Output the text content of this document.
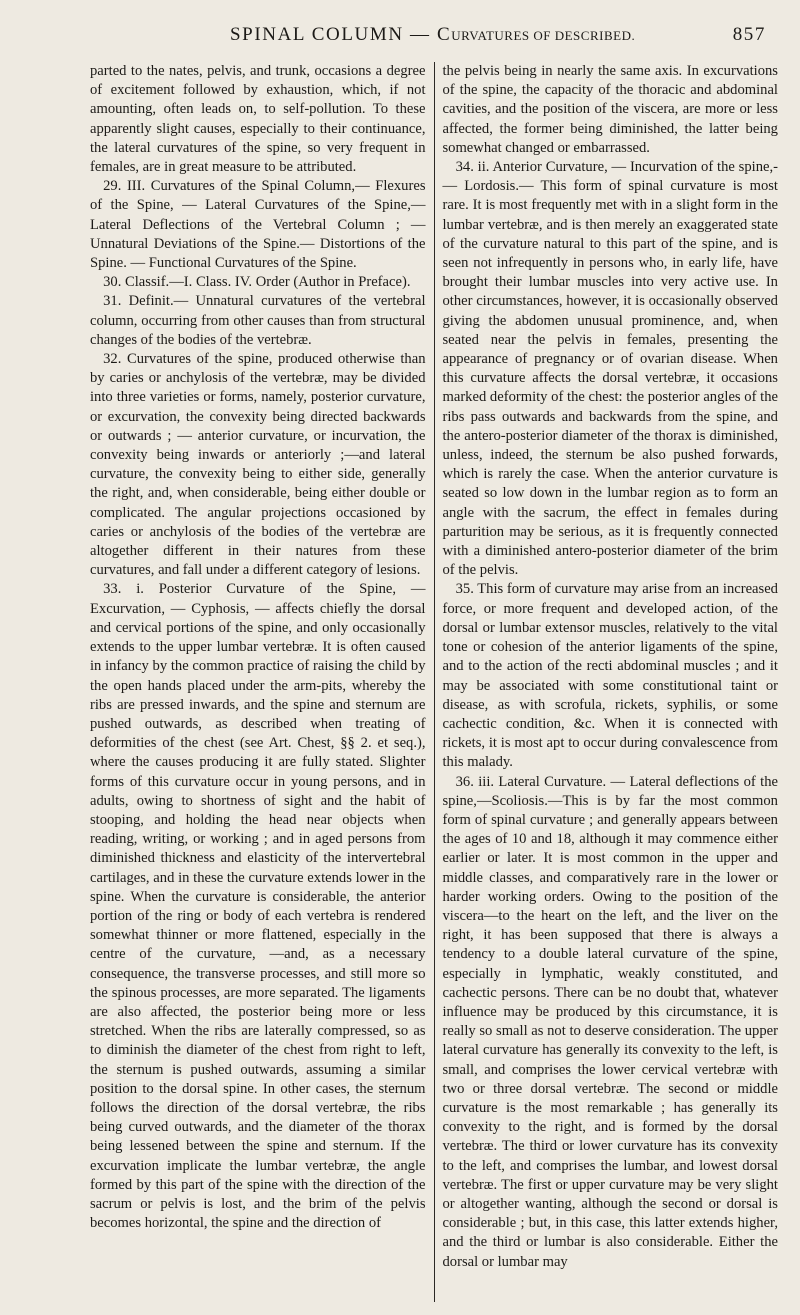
SPINAL COLUMN — CURVATURES OF DESCRIBED.	857

parted to the nates, pelvis, and trunk, occasions a degree of excitement followed by exhaustion, which, if not amounting, often leads on, to self-pollution. To these apparently slight causes, especially to their continuance, the lateral curvatures of the spine, so very frequent in females, are in great measure to be attributed.

29. III. Curvatures of the Spinal Column,— Flexures of the Spine, — Lateral Curvatures of the Spine,—Lateral Deflections of the Vertebral Column ; — Unnatural Deviations of the Spine.— Distortions of the Spine. — Functional Curvatures of the Spine.

30. Classif.—I. Class. IV. Order (Author in Preface).

31. Definit.— Unnatural curvatures of the vertebral column, occurring from other causes than from structural changes of the bodies of the vertebræ.

32. Curvatures of the spine, produced otherwise than by caries or anchylosis of the vertebræ, may be divided into three varieties or forms, namely, posterior curvature, or excurvation, the convexity being directed backwards or outwards ; — anterior curvature, or incurvation, the convexity being inwards or anteriorly ;—and lateral curvature, the convexity being to either side, generally the right, and, when considerable, being either double or complicated. The angular projections occasioned by caries or anchylosis of the bodies of the vertebræ are altogether different in their natures from these curvatures, and fall under a different category of lesions.

33. i. Posterior Curvature of the Spine, — Excurvation, — Cyphosis, — affects chiefly the dorsal and cervical portions of the spine, and only occasionally extends to the upper lumbar vertebræ. It is often caused in infancy by the common practice of raising the child by the open hands placed under the arm-pits, whereby the ribs are pressed inwards, and the spine and sternum are pushed outwards, as described when treating of deformities of the chest (see Art. Chest, §§ 2. et seq.), where the causes producing it are fully stated. Slighter forms of this curvature occur in young persons, and in adults, owing to shortness of sight and the habit of stooping, and holding the head near objects when reading, writing, or working ; and in aged persons from diminished thickness and elasticity of the intervertebral cartilages, and in these the curvature extends lower in the spine. When the curvature is considerable, the anterior portion of the ring or body of each vertebra is rendered somewhat thinner or more flattened, especially in the centre of the curvature, —and, as a necessary consequence, the transverse processes, and still more so the spinous processes, are more separated. The ligaments are also affected, the posterior being more or less stretched. When the ribs are laterally compressed, so as to diminish the diameter of the chest from right to left, the sternum is pushed outwards, assuming a similar position to the dorsal spine. In other cases, the sternum follows the direction of the dorsal vertebræ, the ribs being curved outwards, and the diameter of the thorax being lessened between the spine and sternum. If the excurvation implicate the lumbar vertebræ, the angle formed by this part of the spine with the direction of the sacrum or pelvis is lost, and the brim of the pelvis becomes horizontal, the spine and the direction of

the pelvis being in nearly the same axis. In excurvations of the spine, the capacity of the thoracic and abdominal cavities, and the position of the viscera, are more or less affected, the former being diminished, the latter being somewhat changed or embarrassed.

34. ii. Anterior Curvature, — Incurvation of the spine,-— Lordosis.— This form of spinal curvature is most rare. It is most frequently met with in a slight form in the lumbar vertebræ, and is then merely an exaggerated state of the curvature natural to this part of the spine, and is seen not infrequently in persons who, in early life, have brought their lumbar muscles into very active use. In other circumstances, however, it is occasionally observed giving the abdomen unusual prominence, and, when seated near the pelvis in females, presenting the appearance of pregnancy or of ovarian disease. When this curvature affects the dorsal vertebræ, it occasions marked deformity of the chest: the posterior angles of the ribs pass outwards and backwards from the spine, and the antero-posterior diameter of the thorax is diminished, unless, indeed, the sternum be also pushed forwards, which is rarely the case. When the anterior curvature is seated so low down in the lumbar region as to form an angle with the sacrum, the effect in females during parturition may be serious, as it is frequently connected with a diminished antero-posterior diameter of the brim of the pelvis.

35. This form of curvature may arise from an increased force, or more frequent and developed action, of the dorsal or lumbar extensor muscles, relatively to the vital tone or cohesion of the anterior ligaments of the spine, and to the action of the recti abdominal muscles ; and it may be associated with some constitutional taint or disease, as with scrofula, rickets, syphilis, or some cachectic condition, &c. When it is connected with rickets, it is most apt to occur during convalescence from this malady.

36. iii. Lateral Curvature. — Lateral deflections of the spine,—Scoliosis.—This is by far the most common form of spinal curvature ; and generally appears between the ages of 10 and 18, although it may commence either earlier or later. It is most common in the upper and middle classes, and comparatively rare in the lower or harder working orders. Owing to the position of the viscera—to the heart on the left, and the liver on the right, it has been supposed that there is always a tendency to a double lateral curvature of the spine, especially in lymphatic, weakly constituted, and cachectic persons. There can be no doubt that, whatever influence may be produced by this circumstance, it is really so small as not to deserve consideration. The upper lateral curvature has generally its convexity to the left, is small, and comprises the lower cervical vertebræ with two or three dorsal vertebræ. The second or middle curvature is the most remarkable ; has generally its convexity to the right, and is formed by the dorsal vertebræ. The third or lower curvature has its convexity to the left, and comprises the lumbar, and lowest dorsal vertebræ. The first or upper curvature may be very slight or altogether wanting, although the second or dorsal is considerable ; but, in this case, this latter extends higher, and the third or lumbar is also considerable. Either the dorsal or lumbar may
